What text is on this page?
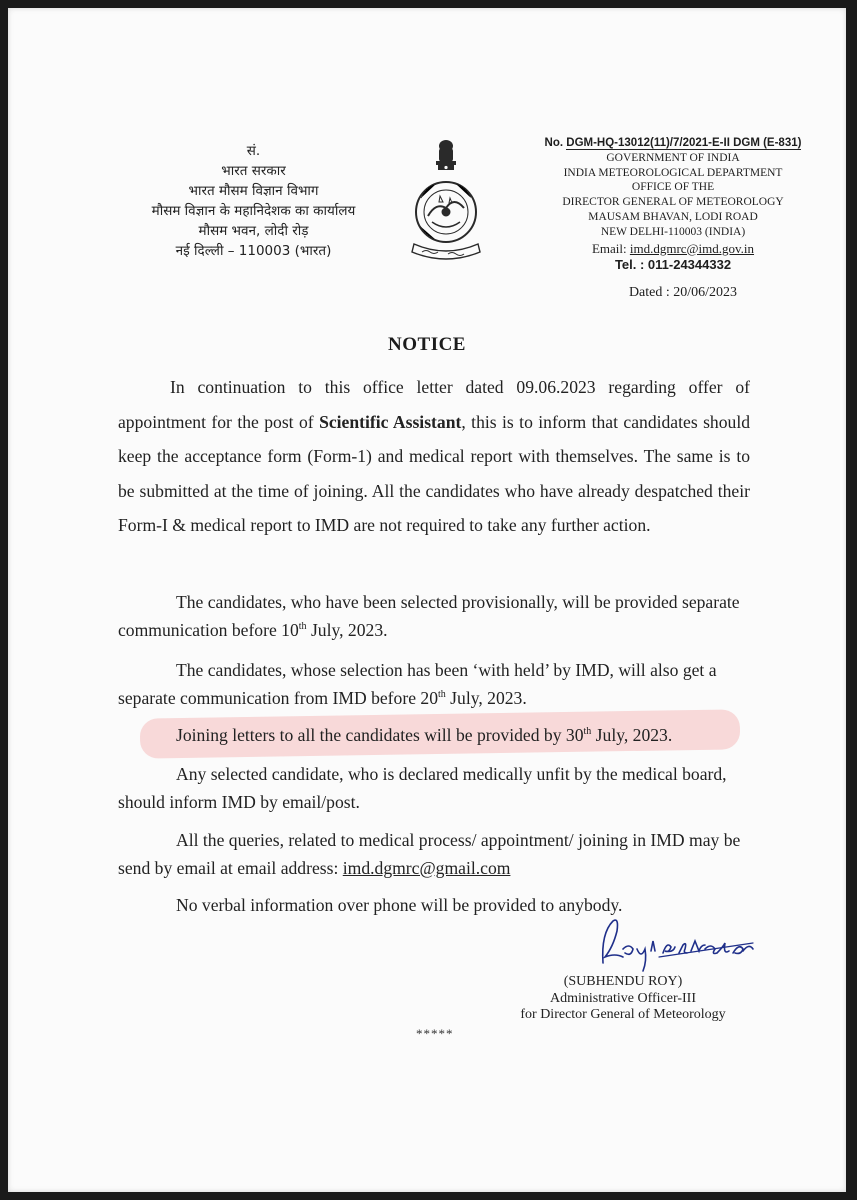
सं.
भारत सरकार
भारत मौसम विज्ञान विभाग
मौसम विज्ञान के महानिदेशक का कार्यालय
मौसम भवन, लोदी रोड़
नई दिल्ली – 110003 (भारत)
No. DGM-HQ-13012(11)/7/2021-E-II DGM (E-831)
GOVERNMENT OF INDIA
INDIA METEOROLOGICAL DEPARTMENT
OFFICE OF THE
DIRECTOR GENERAL OF METEOROLOGY
MAUSAM BHAVAN, LODI ROAD
NEW DELHI-110003 (INDIA)
Email: imd.dgmrc@imd.gov.in
Tel. : 011-24344332
Dated : 20/06/2023
NOTICE
In continuation to this office letter dated 09.06.2023 regarding offer of appointment for the post of Scientific Assistant, this is to inform that candidates should keep the acceptance form (Form-1) and medical report with themselves. The same is to be submitted at the time of joining. All the candidates who have already despatched their Form-I & medical report to IMD are not required to take any further action.
The candidates, who have been selected provisionally, will be provided separate communication before 10th July, 2023.
The candidates, whose selection has been ‘with held’ by IMD, will also get a separate communication from IMD before 20th July, 2023.
Joining letters to all the candidates will be provided by 30th July, 2023.
Any selected candidate, who is declared medically unfit by the medical board, should inform IMD by email/post.
All the queries, related to medical process/ appointment/ joining in IMD may be send by email at email address: imd.dgmrc@gmail.com
No verbal information over phone will be provided to anybody.
(SUBHENDU ROY)
Administrative Officer-III
for Director General of Meteorology
*****
